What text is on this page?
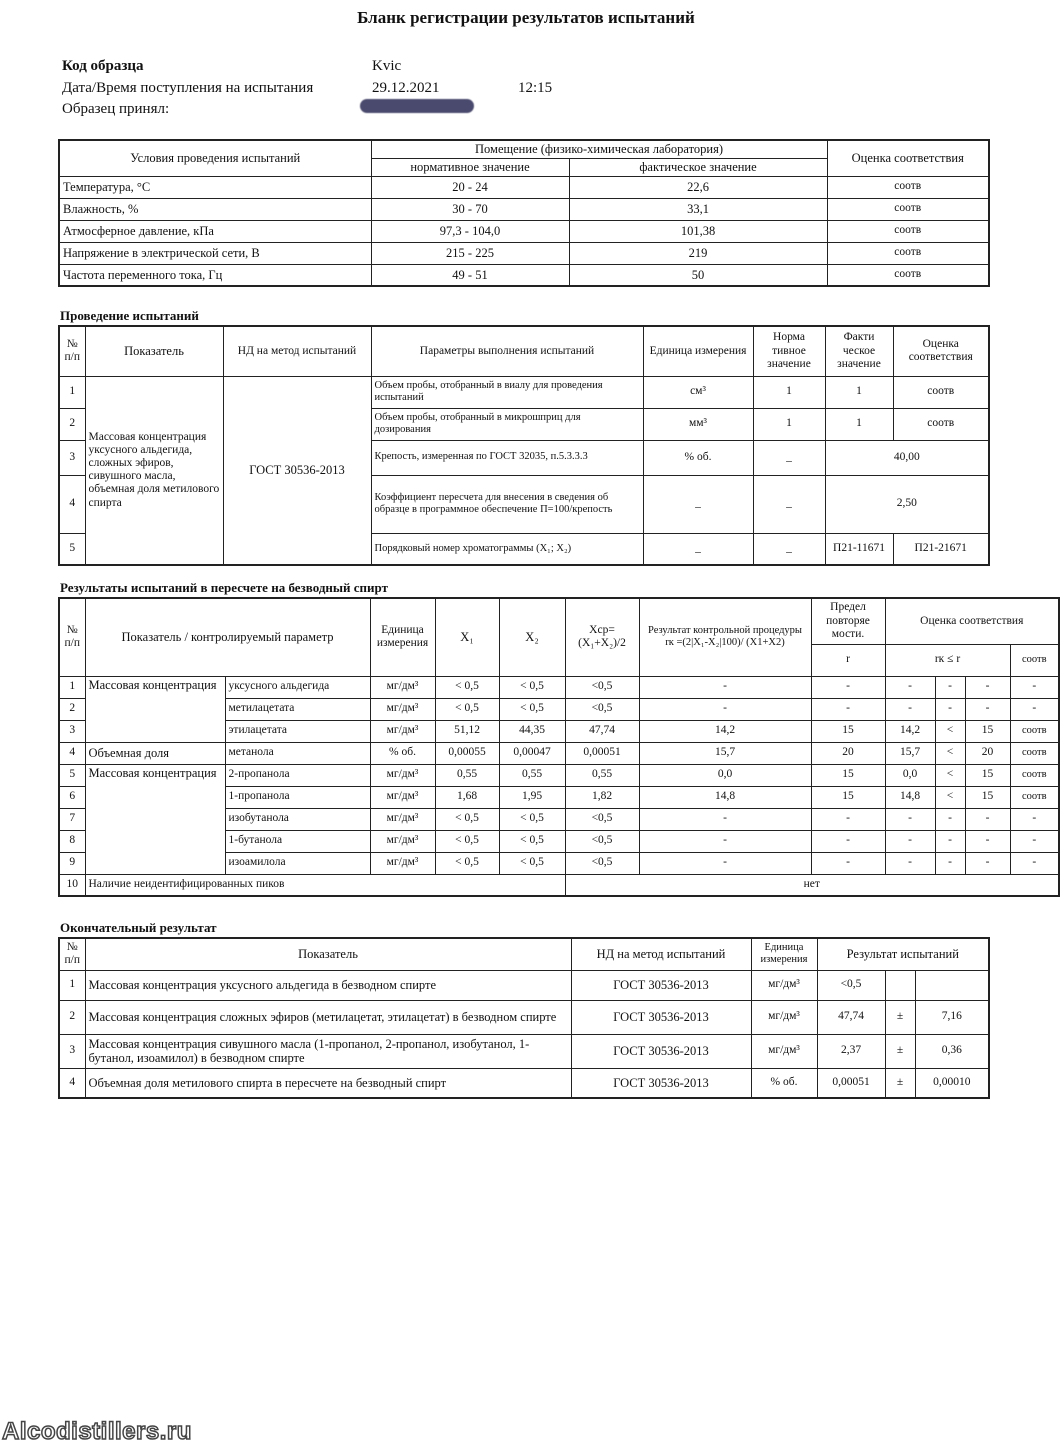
Бланк регистрации результатов испытаний
Код образца	Kvic
Дата/Время поступления на испытания	29.12.2021	12:15
Образец принял:
Условия проведения испытаний	Помещение (физико-химическая лаборатория)		Оценка соответствия
	нормативное значение	фактическое значение	
Температура, °С	20 - 24	22,6	соотв
Влажность, %	30 - 70	33,1	соотв
Атмосферное давление, кПа	97,3 - 104,0	101,38	соотв
Напряжение в электрической сети, В	215 - 225	219	соотв
Частота переменного тока, Гц	49 - 51	50	соотв
Проведение испытаний
№ п/п	Показатель	НД на метод испытаний	Параметры выполнения испытаний	Единица измерения	Норма тивное значение	Факти ческое значение	Оценка соответствия
1	Массовая концентрация уксусного альдегида, сложных эфиров, сивушного масла, объемная доля метилового спирта	ГОСТ 30536-2013	Объем пробы, отобранный в виалу для проведения испытаний	см³	1	1	соотв
2			Объем пробы, отобранный в микрошприц для дозирования	мм³	1	1	соотв
3			Крепость, измеренная по ГОСТ 32035, п.5.3.3.3	% об.	_	40,00	
4			Коэффициент пересчета для внесения в сведения об образце в программное обеспечение П=100/крепость	_	_	2,50	
5			Порядковый номер хроматограммы (X₁; X₂)	_	_	П21-11671	П21-21671
Результаты испытаний в пересчете на безводный спирт
№ п/п	Показатель / контролируемый параметр		Единица измерения	X₁	X₂	Xср= (X₁+X₂)/2	Результат контрольной процедуры rк =(2|X₁-X₂|100)/ (X1+X2)	Предел повторяе мости.	Оценка соответствия			
								r	rк ≤ r			соотв
1	Массовая концентрация	уксусного альдегида	мг/дм³	< 0,5	< 0,5	<0,5	-	-	-	-	-	-
2		метилацетата	мг/дм³	< 0,5	< 0,5	<0,5	-	-	-	-	-	-
3		этилацетата	мг/дм³	51,12	44,35	47,74	14,2	15	14,2	<	15	соотв
4	Объемная доля	метанола	% об.	0,00055	0,00047	0,00051	15,7	20	15,7	<	20	соотв
5	Массовая концентрация	2-пропанола	мг/дм³	0,55	0,55	0,55	0,0	15	0,0	<	15	соотв
6		1-пропанола	мг/дм³	1,68	1,95	1,82	14,8	15	14,8	<	15	соотв
7		изобутанола	мг/дм³	< 0,5	< 0,5	<0,5	-	-	-	-	-	-
8		1-бутанола	мг/дм³	< 0,5	< 0,5	<0,5	-	-	-	-	-	-
9		изоамилола	мг/дм³	< 0,5	< 0,5	<0,5	-	-	-	-	-	-
10	Наличие неидентифицированных пиков					нет						
Окончательный результат
№ п/п	Показатель	НД на метод испытаний	Единица измерения	Результат испытаний		
1	Массовая концентрация уксусного альдегида в безводном спирте	ГОСТ 30536-2013	мг/дм³	<0,5		
2	Массовая концентрация сложных эфиров (метилацетат, этилацетат) в безводном спирте	ГОСТ 30536-2013	мг/дм³	47,74	±	7,16
3	Массовая концентрация сивушного масла (1-пропанол, 2-пропанол, изобутанол, 1-бутанол, изоамилол) в безводном спирте	ГОСТ 30536-2013	мг/дм³	2,37	±	0,36
4	Объемная доля метилового спирта в пересчете на безводный спирт	ГОСТ 30536-2013	% об.	0,00051	±	0,00010
Alcodistillers.ru
